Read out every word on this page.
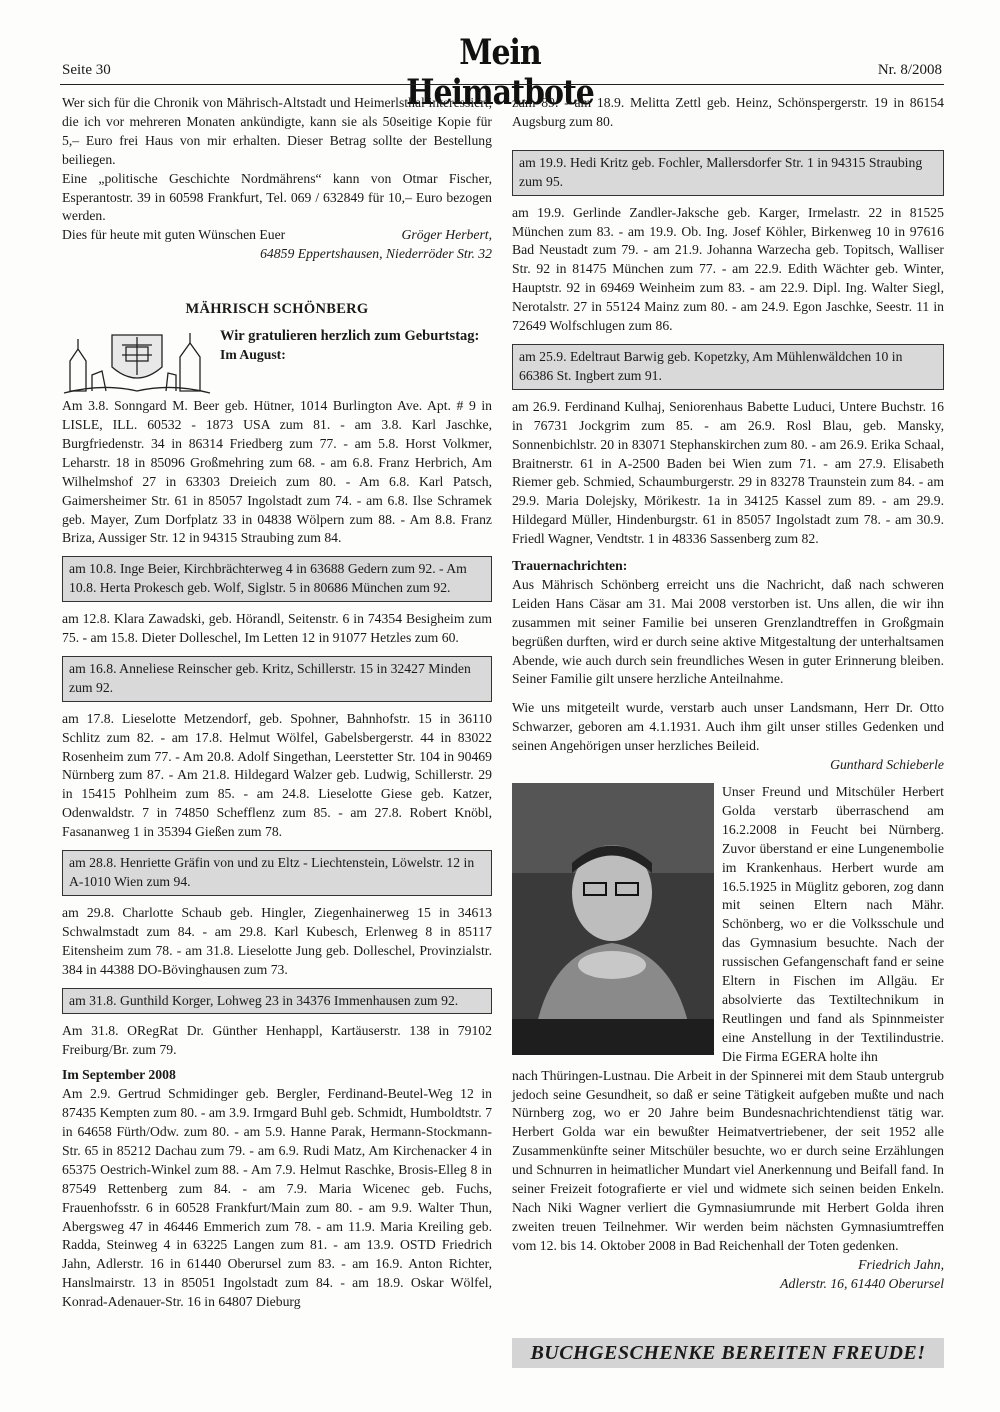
Seite 30	Mein Heimatbote
Nr. 8/2008

Wer sich für die Chronik von Mährisch-Altstadt und Heimerlsthal interessiert, die ich vor mehreren Monaten ankündigte, kann sie als 50seitige Kopie für 5,– Euro frei Haus von mir erhalten. Dieser Betrag sollte der Bestellung beiliegen.

Eine „politische Geschichte Nordmährens“ kann von Otmar Fischer, Esperantostr. 39 in 60598 Frankfurt, Tel. 069 / 632849 für 10,– Euro bezogen werden.

Dies für heute mit guten Wünschen Euer	Gröger Herbert,

64859 Eppertshausen, Niederröder Str. 32

MÄHRISCH SCHÖNBERG
Wir gratulieren herzlich zum Geburtstag:
Im August:

Am 3.8. Sonngard M. Beer geb. Hütner, 1014 Burlington Ave. Apt. # 9 in LISLE, ILL. 60532 - 1873 USA zum 81. - am 3.8. Karl Jaschke, Burgfriedenstr. 34 in 86314 Friedberg zum 77. - am 5.8. Horst Volkmer, Leharstr. 18 in 85096 Großmehring zum 68. - am 6.8. Franz Herbrich, Am Wilhelmshof 27 in 63303 Dreieich zum 80. - Am 6.8. Karl Patsch, Gaimersheimer Str. 61 in 85057 Ingolstadt zum 74. - am 6.8. Ilse Schramek geb. Mayer, Zum Dorfplatz 33 in 04838 Wölpern zum 88. - Am 8.8. Franz Briza, Aussiger Str. 12 in 94315 Straubing zum 84.

am 10.8. Inge Beier, Kirchbrächterweg 4 in 63688 Gedern zum 92. - Am 10.8. Herta Prokesch geb. Wolf, Siglstr. 5 in 80686 München zum 92.

am 12.8. Klara Zawadski, geb. Hörandl, Seitenstr. 6 in 74354 Besigheim zum 75. - am 15.8. Dieter Dolleschel, Im Letten 12 in 91077 Hetzles zum 60.

am 16.8. Anneliese Reinscher geb. Kritz, Schillerstr. 15 in 32427 Minden zum 92.

am 17.8. Lieselotte Metzendorf, geb. Spohner, Bahnhofstr. 15 in 36110 Schlitz zum 82. - am 17.8. Helmut Wölfel, Gabelsbergerstr. 44 in 83022 Rosenheim zum 77. - Am 20.8. Adolf Singethan, Leerstetter Str. 104 in 90469 Nürnberg zum 87. - Am 21.8. Hildegard Walzer geb. Ludwig, Schillerstr. 29 in 15415 Pohlheim zum 85. - am 24.8. Lieselotte Giese geb. Katzer, Odenwaldstr. 7 in 74850 Schefflenz zum 85. - am 27.8. Robert Knöbl, Fasananweg 1 in 35394 Gießen zum 78.

am 28.8. Henriette Gräfin von und zu Eltz - Liechtenstein, Löwelstr. 12 in A-1010 Wien zum 94.

am 29.8. Charlotte Schaub geb. Hingler, Ziegenhainerweg 15 in 34613 Schwalmstadt zum 84. - am 29.8. Karl Kubesch, Erlenweg 8 in 85117 Eitensheim zum 78. - am 31.8. Lieselotte Jung geb. Dolleschel, Provinzialstr. 384 in 44388 DO-Bövinghausen zum 73.

am 31.8. Gunthild Korger, Lohweg 23 in 34376 Immenhausen zum 92.

Am 31.8. ORegRat Dr. Günther Henhappl, Kartäuserstr. 138 in 79102 Freiburg/Br. zum 79.

Im September 2008

Am 2.9. Gertrud Schmidinger geb. Bergler, Ferdinand-Beutel-Weg 12 in 87435 Kempten zum 80. - am 3.9. Irmgard Buhl geb. Schmidt, Humboldtstr. 7 in 64658 Fürth/Odw. zum 80. - am 5.9. Hanne Parak, Hermann-Stockmann-Str. 65 in 85212 Dachau zum 79. - am 6.9. Rudi Matz, Am Kirchenacker 4 in 65375 Oestrich-Winkel zum 88. - Am 7.9. Helmut Raschke, Brosis-Elleg 8 in 87549 Rettenberg zum 84. - am 7.9. Maria Wicenec geb. Fuchs, Frauenhofsstr. 6 in 60528 Frankfurt/Main zum 80. - am 9.9. Walter Thun, Abergsweg 47 in 46446 Emmerich zum 78. - am 11.9. Maria Kreiling geb. Radda, Steinweg 4 in 63225 Langen zum 81. - am 13.9. OSTD Friedrich Jahn, Adlerstr. 16 in 61440 Oberursel zum 83. - am 16.9. Anton Richter, Hanslmairstr. 13 in 85051 Ingolstadt zum 84. - am 18.9. Oskar Wölfel, Konrad-Adenauer-Str. 16 in 64807 Dieburg

zum 89. - am 18.9. Melitta Zettl geb. Heinz, Schönspergerstr. 19 in 86154 Augsburg zum 80.

am 19.9. Hedi Kritz geb. Fochler, Mallersdorfer Str. 1 in 94315 Straubing zum 95.

am 19.9. Gerlinde Zandler-Jaksche geb. Karger, Irmelastr. 22 in 81525 München zum 83. - am 19.9. Ob. Ing. Josef Köhler, Birkenweg 10 in 97616 Bad Neustadt zum 79. - am 21.9. Johanna Warzecha geb. Topitsch, Walliser Str. 92 in 81475 München zum 77. - am 22.9. Edith Wächter geb. Winter, Hauptstr. 92 in 69469 Weinheim zum 83. - am 22.9. Dipl. Ing. Walter Siegl, Nerotalstr. 27 in 55124 Mainz zum 80. - am 24.9. Egon Jaschke, Seestr. 11 in 72649 Wolfschlugen zum 86.

am 25.9. Edeltraut Barwig geb. Kopetzky, Am Mühlenwäldchen 10 in 66386 St. Ingbert zum 91.

am 26.9. Ferdinand Kulhaj, Seniorenhaus Babette Luduci, Untere Buchstr. 16 in 76731 Jockgrim zum 85. - am 26.9. Rosl Blau, geb. Mansky, Sonnenbichlstr. 20 in 83071 Stephanskirchen zum 80. - am 26.9. Erika Schaal, Braitnerstr. 61 in A-2500 Baden bei Wien zum 71. - am 27.9. Elisabeth Riemer geb. Schmied, Schaumburgerstr. 29 in 83278 Traunstein zum 84. - am 29.9. Maria Dolejsky, Mörikestr. 1a in 34125 Kassel zum 89. - am 29.9. Hildegard Müller, Hindenburgstr. 61 in 85057 Ingolstadt zum 78. - am 30.9. Friedl Wagner, Vendtstr. 1 in 48336 Sassenberg zum 82.

Trauernachrichten:

Aus Mährisch Schönberg erreicht uns die Nachricht, daß nach schweren Leiden Hans Cäsar am 31. Mai 2008 verstorben ist. Uns allen, die wir ihn zusammen mit seiner Familie bei unseren Grenzlandtreffen in Großgmain begrüßen durften, wird er durch seine aktive Mitgestaltung der unterhaltsamen Abende, wie auch durch sein freundliches Wesen in guter Erinnerung bleiben. Seiner Familie gilt unsere herzliche Anteilnahme.

Wie uns mitgeteilt wurde, verstarb auch unser Landsmann, Herr Dr. Otto Schwarzer, geboren am 4.1.1931. Auch ihm gilt unser stilles Gedenken und seinen Angehörigen unser herzliches Beileid.

Gunthard Schieberle

Unser Freund und Mitschüler Herbert Golda verstarb überraschend am 16.2.2008 in Feucht bei Nürnberg. Zuvor überstand er eine Lungenembolie im Krankenhaus. Herbert wurde am 16.5.1925 in Müglitz geboren, zog dann mit seinen Eltern nach Mähr. Schönberg, wo er die Volksschule und das Gymnasium besuchte. Nach der russischen Gefangenschaft fand er seine Eltern in Fischen im Allgäu. Er absolvierte das Textiltechnikum in Reutlingen und fand als Spinnmeister eine Anstellung in der Textilindustrie. Die Firma EGERA holte ihn

nach Thüringen-Lustnau. Die Arbeit in der Spinnerei mit dem Staub untergrub jedoch seine Gesundheit, so daß er seine Tätigkeit aufgeben mußte und nach Nürnberg zog, wo er 20 Jahre beim Bundesnachrichtendienst tätig war. Herbert Golda war ein bewußter Heimatvertriebener, der seit 1952 alle Zusammenkünfte seiner Mitschüler besuchte, wo er durch seine Erzählungen und Schnurren in heimatlicher Mundart viel Anerkennung und Beifall fand. In seiner Freizeit fotografierte er viel und widmete sich seinen beiden Enkeln. Nach Niki Wagner verliert die Gymnasiumrunde mit Herbert Golda ihren zweiten treuen Teilnehmer. Wir werden beim nächsten Gymnasiumtreffen vom 12. bis 14. Oktober 2008 in Bad Reichenhall der Toten gedenken.

Friedrich Jahn,

Adlerstr. 16, 61440 Oberursel

BUCHGESCHENKE BEREITEN FREUDE!
